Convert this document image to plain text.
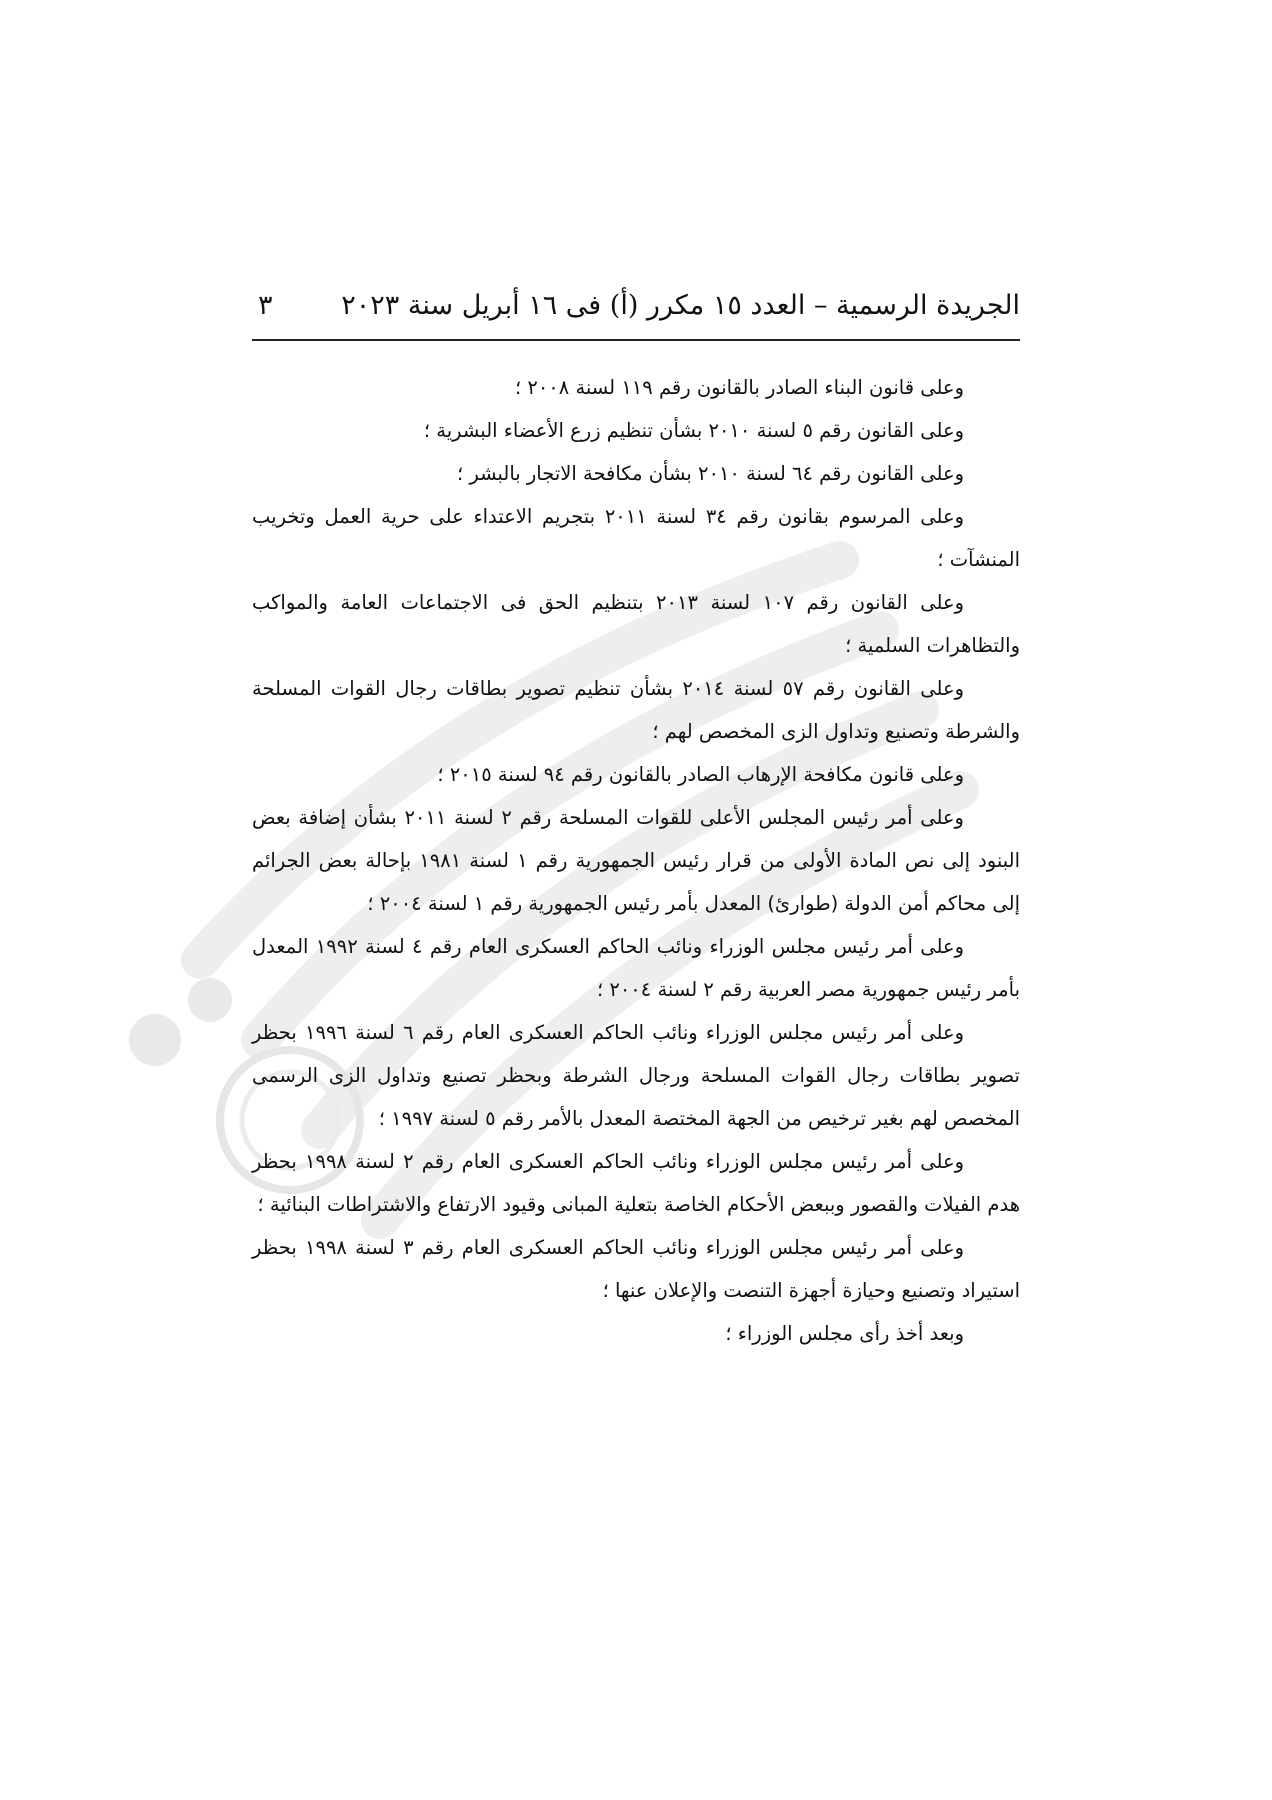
الجريدة الرسمية – العدد ١٥ مكرر (أ) فى ١٦ أبريل سنة ٢٠٢٣
٣

وعلى قانون البناء الصادر بالقانون رقم ١١٩ لسنة ٢٠٠٨ ؛

وعلى القانون رقم ٥ لسنة ٢٠١٠ بشأن تنظيم زرع الأعضاء البشرية ؛

وعلى القانون رقم ٦٤ لسنة ٢٠١٠ بشأن مكافحة الاتجار بالبشر ؛

وعلى المرسوم بقانون رقم ٣٤ لسنة ٢٠١١ بتجريم الاعتداء على حرية العمل وتخريب المنشآت ؛

وعلى القانون رقم ١٠٧ لسنة ٢٠١٣ بتنظيم الحق فى الاجتماعات العامة والمواكب والتظاهرات السلمية ؛

وعلى القانون رقم ٥٧ لسنة ٢٠١٤ بشأن تنظيم تصوير بطاقات رجال القوات المسلحة والشرطة وتصنيع وتداول الزى المخصص لهم ؛

وعلى قانون مكافحة الإرهاب الصادر بالقانون رقم ٩٤ لسنة ٢٠١٥ ؛

وعلى أمر رئيس المجلس الأعلى للقوات المسلحة رقم ٢ لسنة ٢٠١١ بشأن إضافة بعض البنود إلى نص المادة الأولى من قرار رئيس الجمهورية رقم ١ لسنة ١٩٨١ بإحالة بعض الجرائم إلى محاكم أمن الدولة (طوارئ) المعدل بأمر رئيس الجمهورية رقم ١ لسنة ٢٠٠٤ ؛

وعلى أمر رئيس مجلس الوزراء ونائب الحاكم العسكرى العام رقم ٤ لسنة ١٩٩٢ المعدل بأمر رئيس جمهورية مصر العربية رقم ٢ لسنة ٢٠٠٤ ؛

وعلى أمر رئيس مجلس الوزراء ونائب الحاكم العسكرى العام رقم ٦ لسنة ١٩٩٦ بحظر تصوير بطاقات رجال القوات المسلحة ورجال الشرطة وبحظر تصنيع وتداول الزى الرسمى المخصص لهم بغير ترخيص من الجهة المختصة المعدل بالأمر رقم ٥ لسنة ١٩٩٧ ؛

وعلى أمر رئيس مجلس الوزراء ونائب الحاكم العسكرى العام رقم ٢ لسنة ١٩٩٨ بحظر هدم الفيلات والقصور وببعض الأحكام الخاصة بتعلية المبانى وقيود الارتفاع والاشتراطات البنائية ؛

وعلى أمر رئيس مجلس الوزراء ونائب الحاكم العسكرى العام رقم ٣ لسنة ١٩٩٨ بحظر استيراد وتصنيع وحيازة أجهزة التنصت والإعلان عنها ؛

وبعد أخذ رأى مجلس الوزراء ؛
